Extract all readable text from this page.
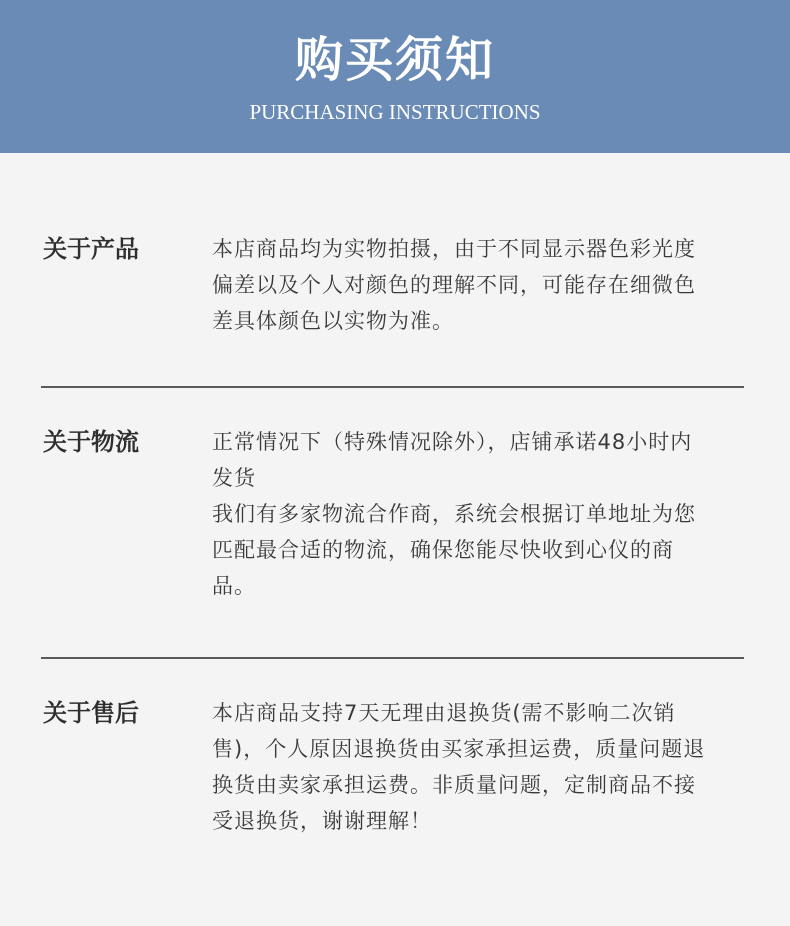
购买须知
PURCHASING INSTRUCTIONS
关于产品	本店商品均为实物拍摄，由于不同显示器色彩光度偏差以及个人对颜色的理解不同，可能存在细微色差具体颜色以实物为准。

关于物流	正常情况下（特殊情况除外），店铺承诺48小时内发货

我们有多家物流合作商，系统会根据订单地址为您匹配最合适的物流，确保您能尽快收到心仪的商品。

关于售后	本店商品支持7天无理由退换货(需不影响二次销售)，个人原因退换货由买家承担运费，质量问题退换货由卖家承担运费。非质量问题，定制商品不接受退换货，谢谢理解！
